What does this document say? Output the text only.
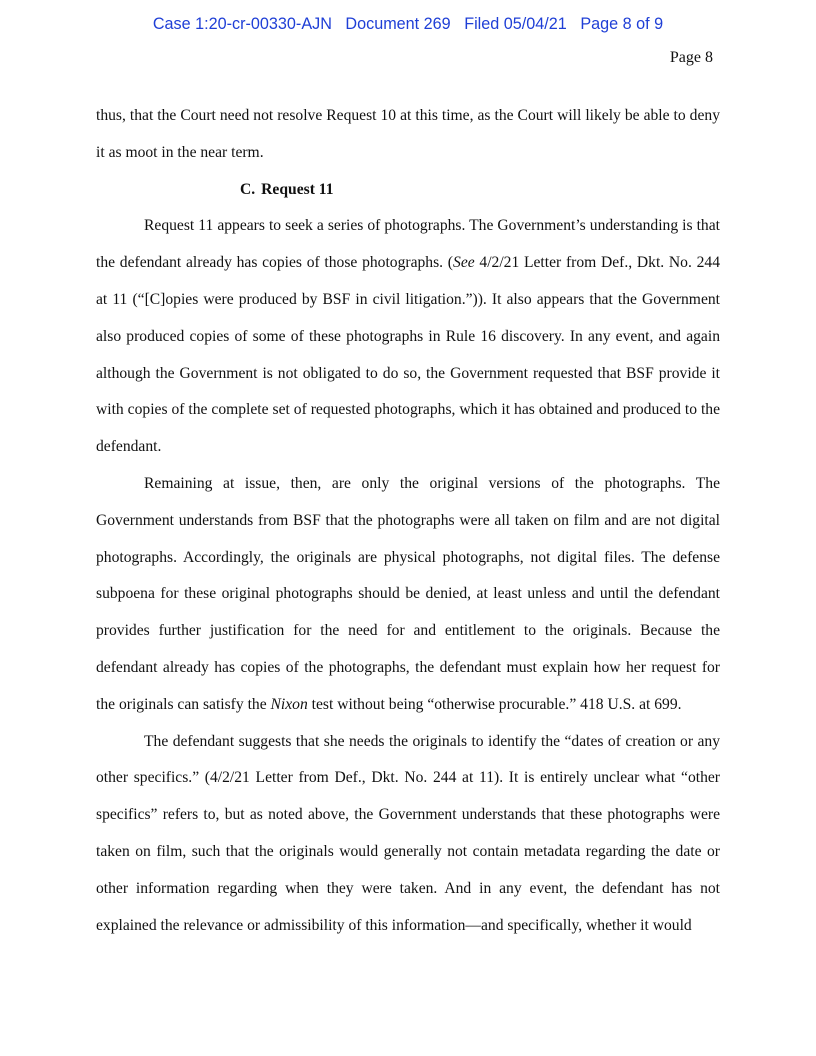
Case 1:20-cr-00330-AJN Document 269 Filed 05/04/21 Page 8 of 9
Page 8

thus, that the Court need not resolve Request 10 at this time, as the Court will likely be able to deny it as moot in the near term.

C. Request 11

Request 11 appears to seek a series of photographs. The Government’s understanding is that the defendant already has copies of those photographs. (See 4/2/21 Letter from Def., Dkt. No. 244 at 11 (“[C]opies were produced by BSF in civil litigation.”)). It also appears that the Government also produced copies of some of these photographs in Rule 16 discovery. In any event, and again although the Government is not obligated to do so, the Government requested that BSF provide it with copies of the complete set of requested photographs, which it has obtained and produced to the defendant.

Remaining at issue, then, are only the original versions of the photographs. The Government understands from BSF that the photographs were all taken on film and are not digital photographs. Accordingly, the originals are physical photographs, not digital files. The defense subpoena for these original photographs should be denied, at least unless and until the defendant provides further justification for the need for and entitlement to the originals. Because the defendant already has copies of the photographs, the defendant must explain how her request for the originals can satisfy the Nixon test without being “otherwise procurable.” 418 U.S. at 699.

The defendant suggests that she needs the originals to identify the “dates of creation or any other specifics.” (4/2/21 Letter from Def., Dkt. No. 244 at 11). It is entirely unclear what “other specifics” refers to, but as noted above, the Government understands that these photographs were taken on film, such that the originals would generally not contain metadata regarding the date or other information regarding when they were taken. And in any event, the defendant has not explained the relevance or admissibility of this information—and specifically, whether it would
